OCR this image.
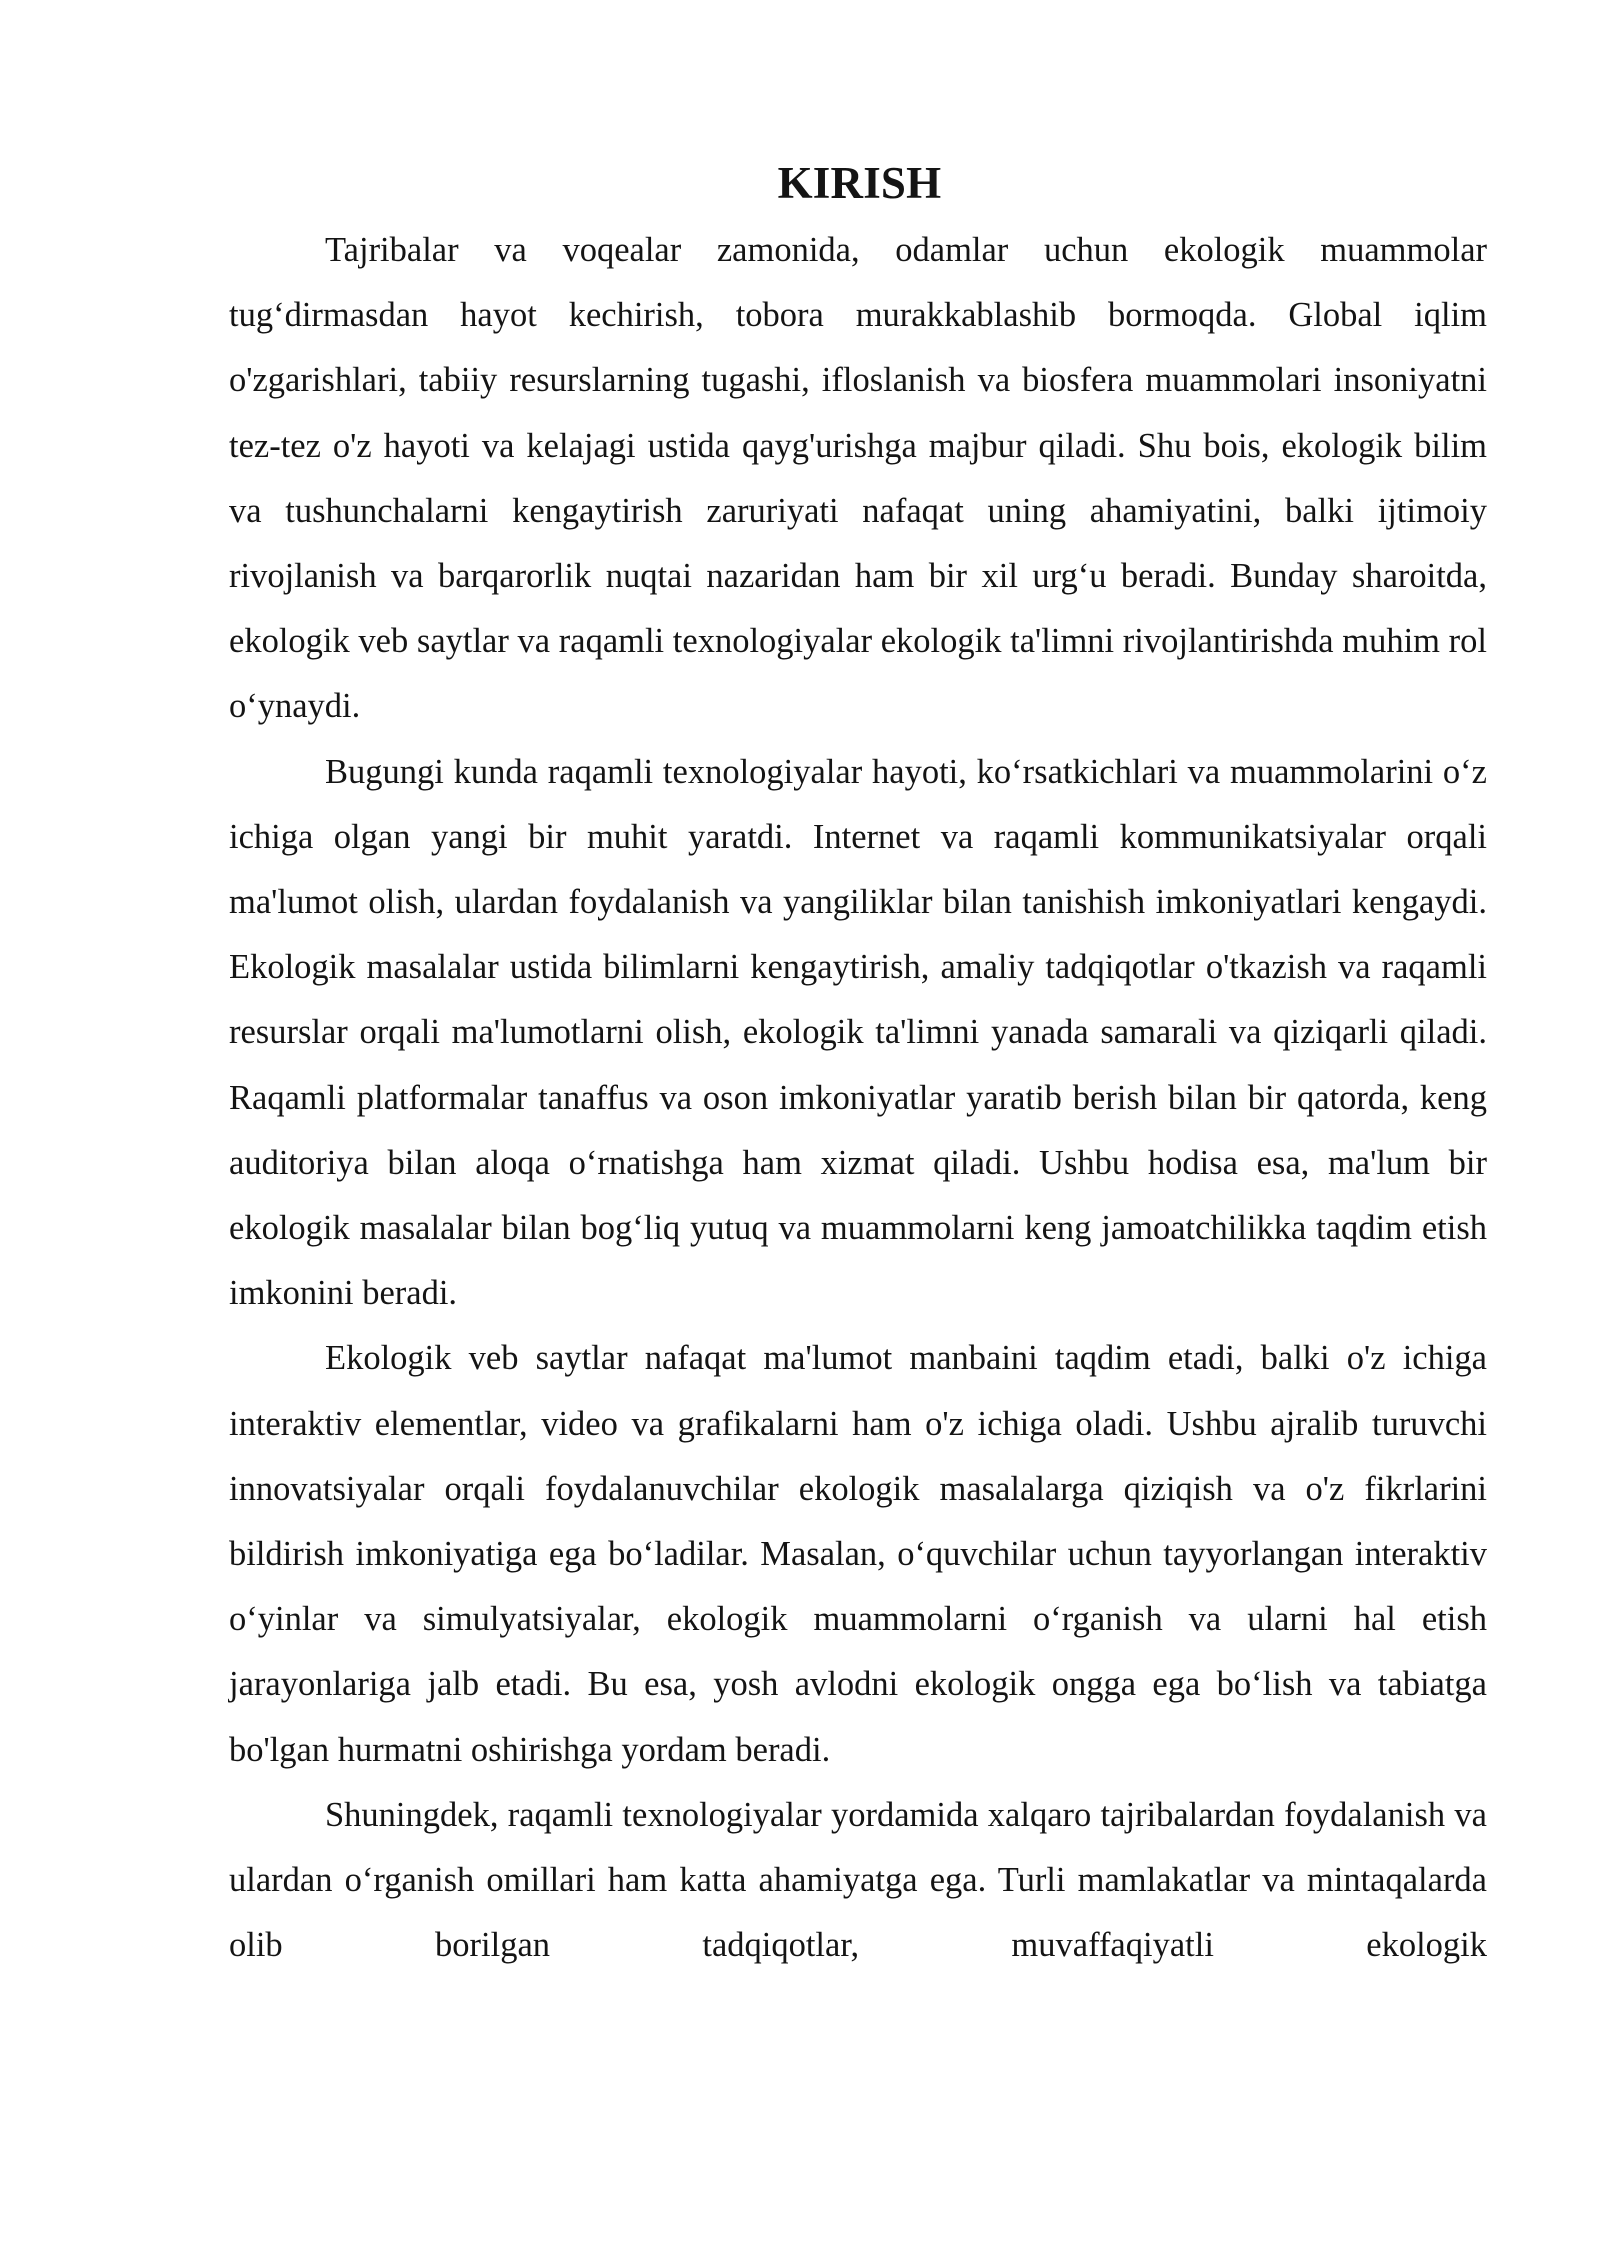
KIRISH

Tajribalar va voqealar zamonida, odamlar uchun ekologik muammolar tug‘dirmasdan hayot kechirish, tobora murakkablashib bormoqda. Global iqlim o'zgarishlari, tabiiy resurslarning tugashi, ifloslanish va biosfera muammolari insoniyatni tez-tez o'z hayoti va kelajagi ustida qayg'urishga majbur qiladi. Shu bois, ekologik bilim va tushunchalarni kengaytirish zaruriyati nafaqat uning ahamiyatini, balki ijtimoiy rivojlanish va barqarorlik nuqtai nazaridan ham bir xil urg‘u beradi. Bunday sharoitda, ekologik veb saytlar va raqamli texnologiyalar ekologik ta'limni rivojlantirishda muhim rol o‘ynaydi.

Bugungi kunda raqamli texnologiyalar hayoti, ko‘rsatkichlari va muammolarini o‘z ichiga olgan yangi bir muhit yaratdi. Internet va raqamli kommunikatsiyalar orqali ma'lumot olish, ulardan foydalanish va yangiliklar bilan tanishish imkoniyatlari kengaydi. Ekologik masalalar ustida bilimlarni kengaytirish, amaliy tadqiqotlar o'tkazish va raqamli resurslar orqali ma'lumotlarni olish, ekologik ta'limni yanada samarali va qiziqarli qiladi. Raqamli platformalar tanaffus va oson imkoniyatlar yaratib berish bilan bir qatorda, keng auditoriya bilan aloqa o‘rnatishga ham xizmat qiladi. Ushbu hodisa esa, ma'lum bir ekologik masalalar bilan bog‘liq yutuq va muammolarni keng jamoatchilikka taqdim etish imkonini beradi.

Ekologik veb saytlar nafaqat ma'lumot manbaini taqdim etadi, balki o'z ichiga interaktiv elementlar, video va grafikalarni ham o'z ichiga oladi. Ushbu ajralib turuvchi innovatsiyalar orqali foydalanuvchilar ekologik masalalarga qiziqish va o'z fikrlarini bildirish imkoniyatiga ega bo‘ladilar. Masalan, o‘quvchilar uchun tayyorlangan interaktiv o‘yinlar va simulyatsiyalar, ekologik muammolarni o‘rganish va ularni hal etish jarayonlariga jalb etadi. Bu esa, yosh avlodni ekologik ongga ega bo‘lish va tabiatga bo'lgan hurmatni oshirishga yordam beradi.

Shuningdek, raqamli texnologiyalar yordamida xalqaro tajribalardan foydalanish va ulardan o‘rganish omillari ham katta ahamiyatga ega. Turli mamlakatlar va mintaqalarda olib borilgan tadqiqotlar, muvaffaqiyatli ekologik
